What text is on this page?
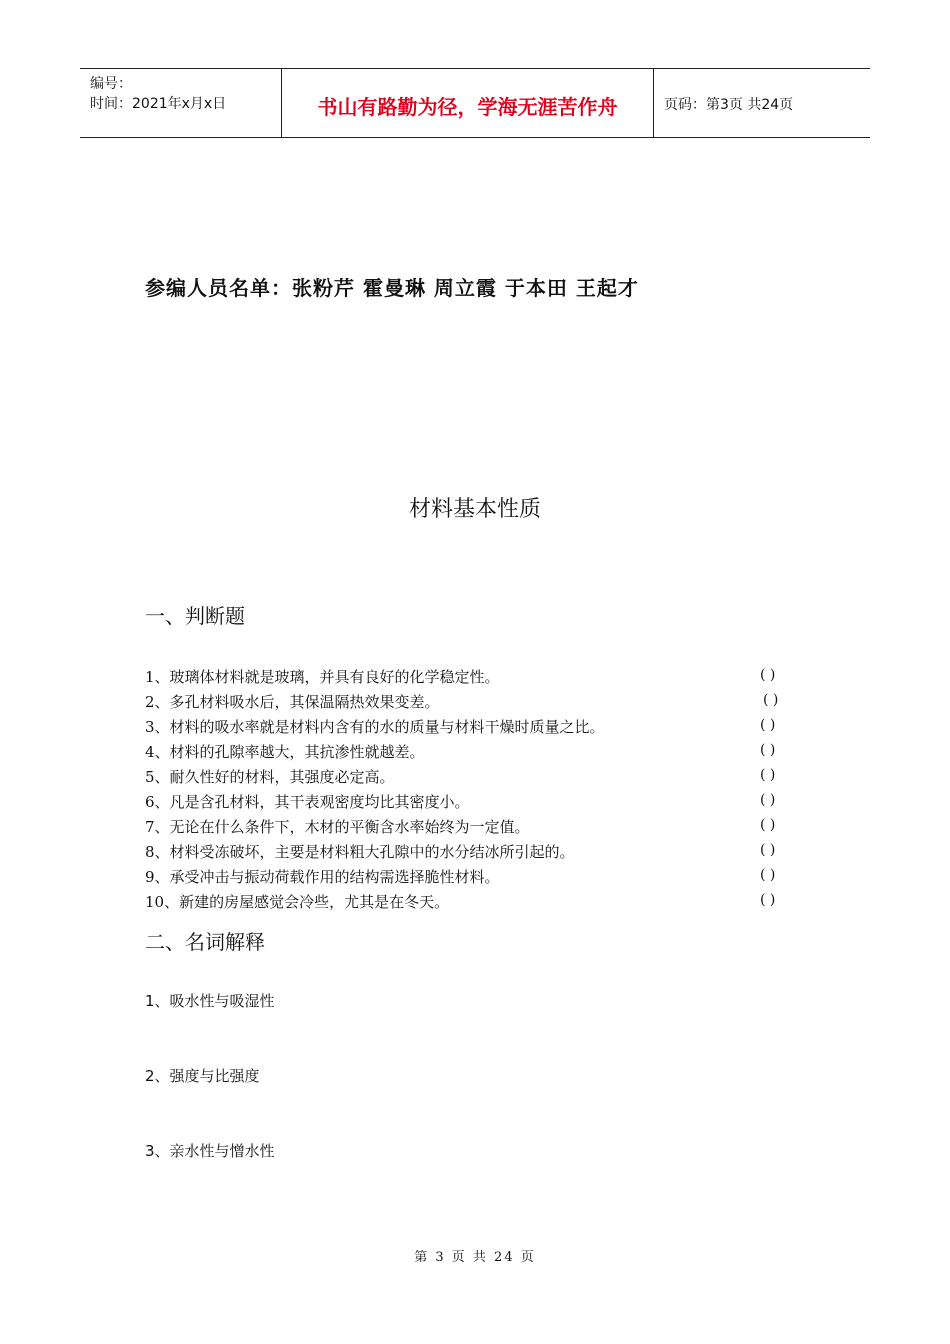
编号：
时间：2021年x月x日	书山有路勤为径，学海无涯苦作舟	页码：第3页 共24页
参编人员名单：张粉芹 霍曼琳 周立霞 于本田 王起才
材料基本性质
一、判断题
1、玻璃体材料就是玻璃，并具有良好的化学稳定性。	( )
2、多孔材料吸水后，其保温隔热效果变差。	( )
3、材料的吸水率就是材料内含有的水的质量与材料干燥时质量之比。	( )
4、材料的孔隙率越大，其抗渗性就越差。	( )
5、耐久性好的材料，其强度必定高。	( )
6、凡是含孔材料，其干表观密度均比其密度小。	( )
7、无论在什么条件下，木材的平衡含水率始终为一定值。	( )
8、材料受冻破坏，主要是材料粗大孔隙中的水分结冰所引起的。	( )
9、承受冲击与振动荷载作用的结构需选择脆性材料。	( )
10、新建的房屋感觉会冷些，尤其是在冬天。	( )
二、名词解释
1、吸水性与吸湿性
2、强度与比强度
3、亲水性与憎水性
第 3 页 共 24 页
